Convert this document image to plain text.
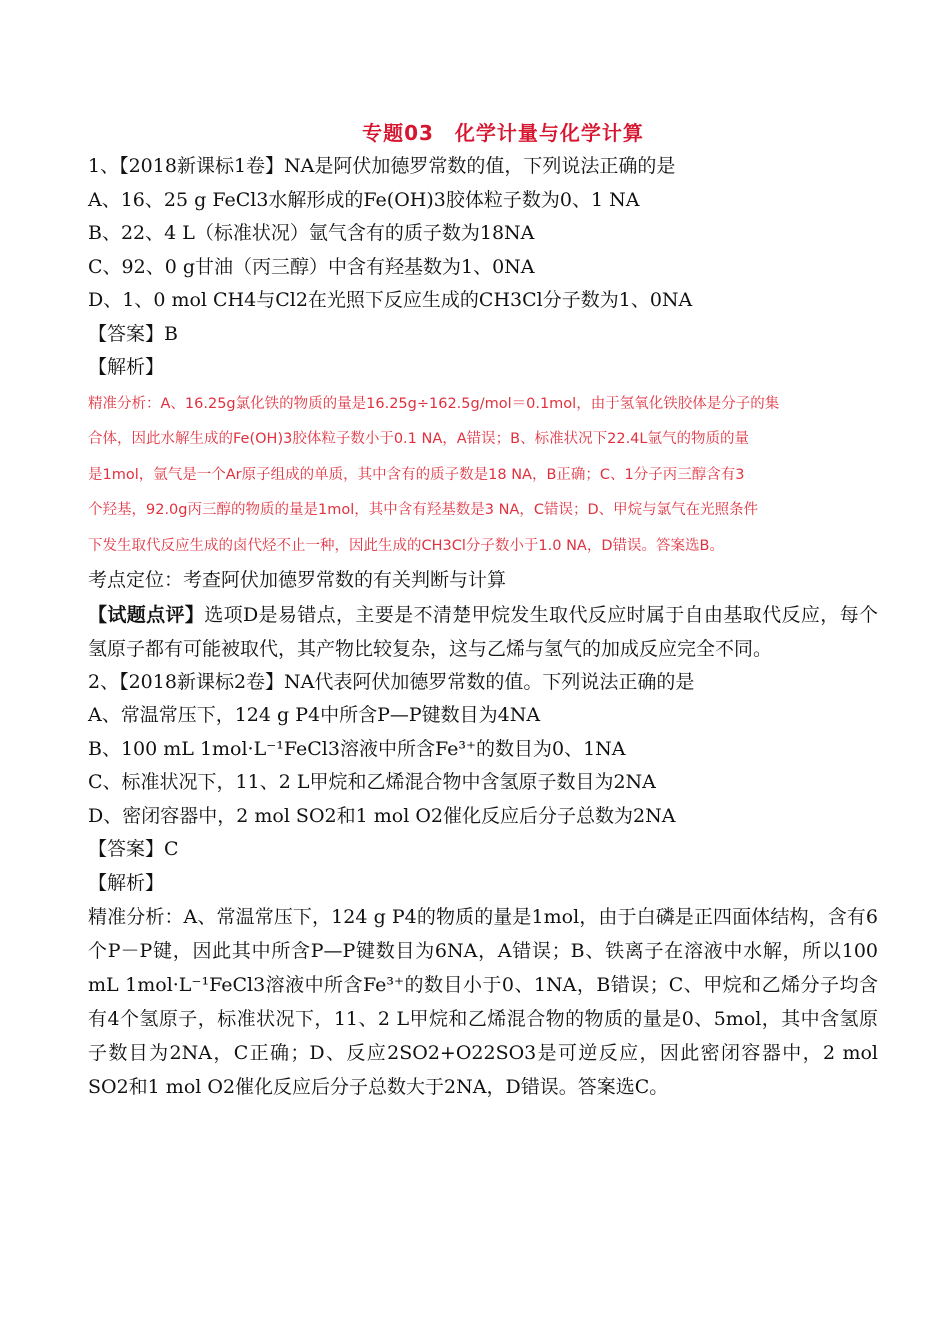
专题03　化学计量与化学计算
1、【2018新课标1卷】NA是阿伏加德罗常数的值，下列说法正确的是
A、16、25 g FeCl3水解形成的Fe(OH)3胶体粒子数为0、1 NA
B、22、4 L（标准状况）氩气含有的质子数为18NA
C、92、0 g甘油（丙三醇）中含有羟基数为1、0NA
D、1、0 mol CH4与Cl2在光照下反应生成的CH3Cl分子数为1、0NA
【答案】B
【解析】
精准分析：A、16.25g氯化铁的物质的量是16.25g÷162.5g/mol＝0.1mol，由于氢氧化铁胶体是分子的集
合体，因此水解生成的Fe(OH)3胶体粒子数小于0.1 NA，A错误；B、标准状况下22.4L氩气的物质的量
是1mol，氩气是一个Ar原子组成的单质，其中含有的质子数是18 NA，B正确；C、1分子丙三醇含有3
个羟基，92.0g丙三醇的物质的量是1mol，其中含有羟基数是3 NA，C错误；D、甲烷与氯气在光照条件
下发生取代反应生成的卤代烃不止一种，因此生成的CH3Cl分子数小于1.0 NA，D错误。答案选B。
考点定位：考查阿伏加德罗常数的有关判断与计算
【试题点评】选项D是易错点，主要是不清楚甲烷发生取代反应时属于自由基取代反应，每个氢原子都有可能被取代，其产物比较复杂，这与乙烯与氢气的加成反应完全不同。
2、【2018新课标2卷】NA代表阿伏加德罗常数的值。下列说法正确的是
A、常温常压下，124 g P4中所含P—P键数目为4NA
B、100 mL 1mol·L⁻¹FeCl3溶液中所含Fe³⁺的数目为0、1NA
C、标准状况下，11、2 L甲烷和乙烯混合物中含氢原子数目为2NA
D、密闭容器中，2 mol SO2和1 mol O2催化反应后分子总数为2NA
【答案】C
【解析】
精准分析：A、常温常压下，124 g P4的物质的量是1mol，由于白磷是正四面体结构，含有6个P－P键，因此其中所含P—P键数目为6NA，A错误；B、铁离子在溶液中水解，所以100 mL 1mol·L⁻¹FeCl3溶液中所含Fe³⁺的数目小于0、1NA，B错误；C、甲烷和乙烯分子均含有4个氢原子，标准状况下，11、2 L甲烷和乙烯混合物的物质的量是0、5mol，其中含氢原子数目为2NA，C正确；D、反应2SO2+O22SO3是可逆反应，因此密闭容器中，2 mol SO2和1 mol O2催化反应后分子总数大于2NA，D错误。答案选C。
